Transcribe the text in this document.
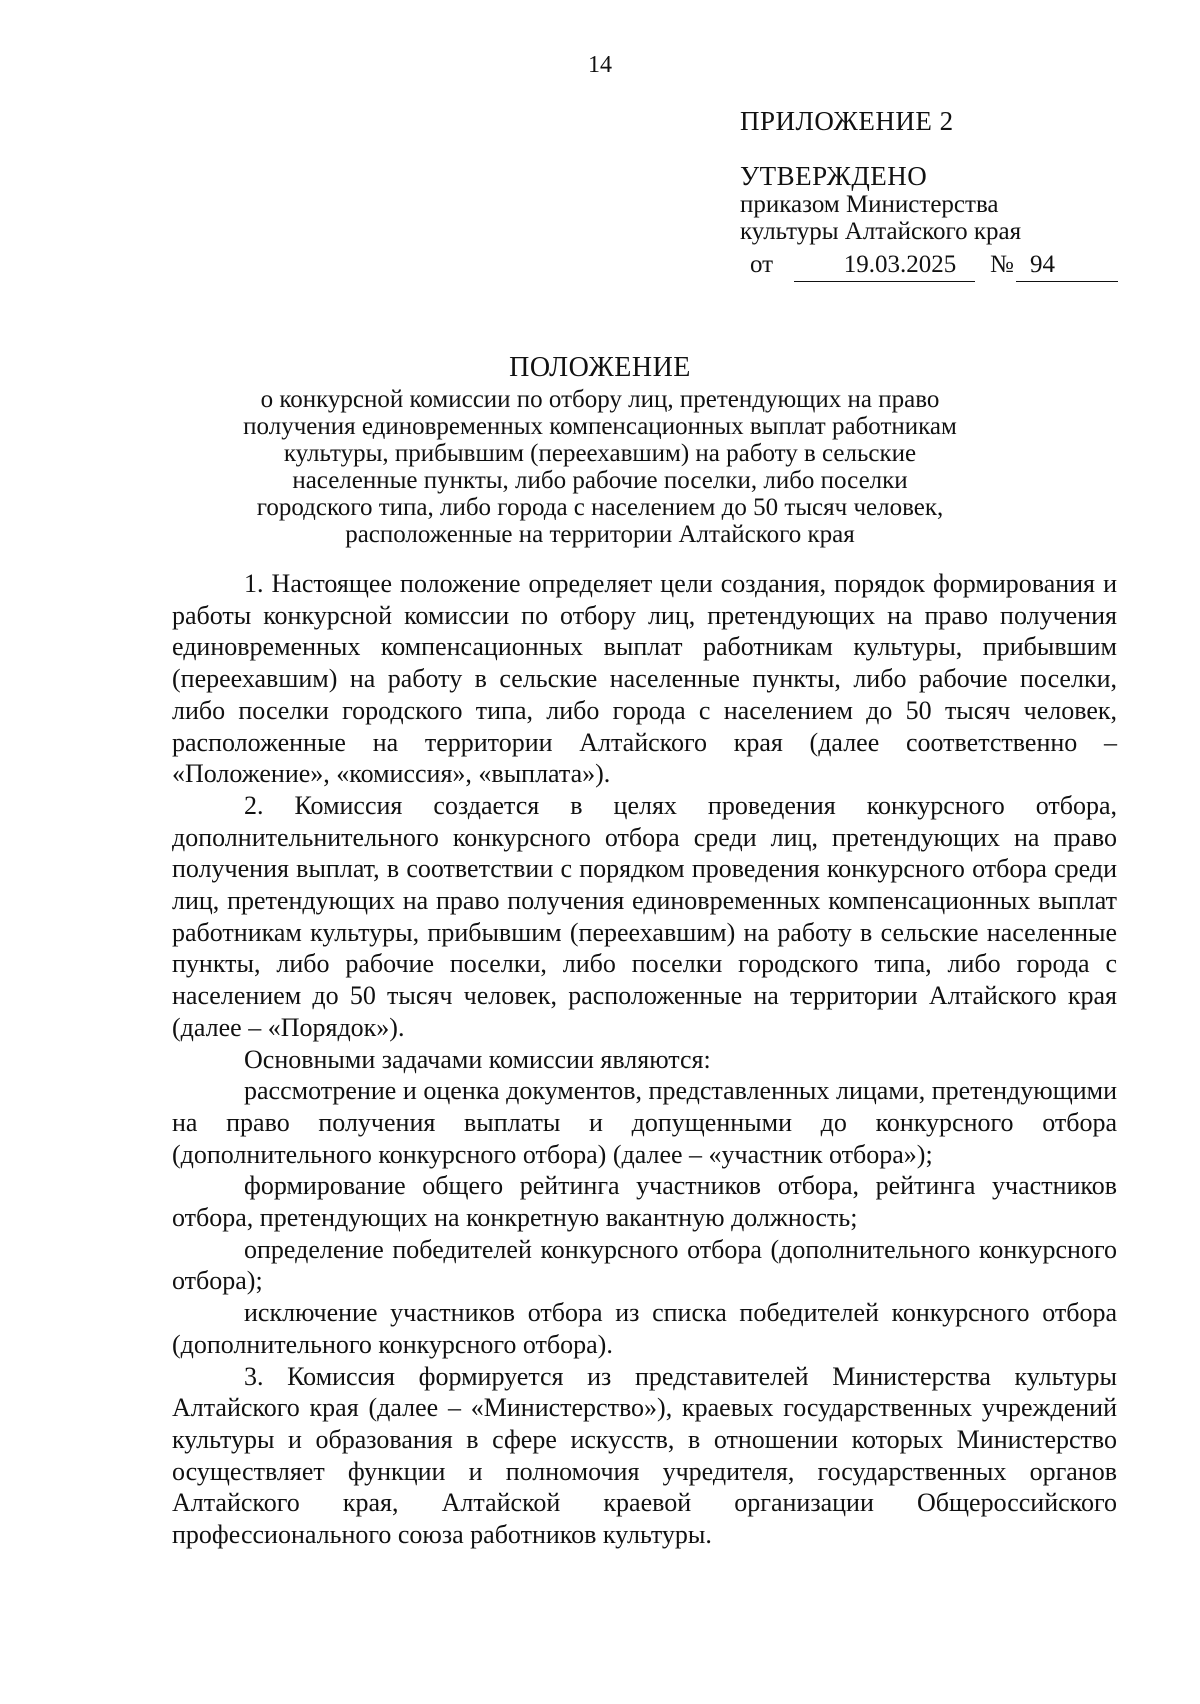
14
ПРИЛОЖЕНИЕ 2
УТВЕРЖДЕНО
приказом Министерства
культуры Алтайского края
от	19.03.2025	№ 94
ПОЛОЖЕНИЕ
о конкурсной комиссии по отбору лиц, претендующих на право
получения единовременных компенсационных выплат работникам
культуры, прибывшим (переехавшим) на работу в сельские
населенные пункты, либо рабочие поселки, либо поселки
городского типа, либо города с населением до 50 тысяч человек,
расположенные на территории Алтайского края

1. Настоящее положение определяет цели создания, порядок формирования и работы конкурсной комиссии по отбору лиц, претендующих на право получения единовременных компенсационных выплат работникам культуры, прибывшим (переехавшим) на работу в сельские населенные пункты, либо рабочие поселки, либо поселки городского типа, либо города с населением до 50 тысяч человек, расположенные на территории Алтайского края (далее соответственно – «Положение», «комиссия», «выплата»).

2. Комиссия создается в целях проведения конкурсного отбора, дополнительнительного конкурсного отбора среди лиц, претендующих на право получения выплат, в соответствии с порядком проведения конкурсного отбора среди лиц, претендующих на право получения единовременных компенсационных выплат работникам культуры, прибывшим (переехавшим) на работу в сельские населенные пункты, либо рабочие поселки, либо поселки городского типа, либо города с населением до 50 тысяч человек, расположенные на территории Алтайского края (далее – «Порядок»).

Основными задачами комиссии являются:

рассмотрение и оценка документов, представленных лицами, претендующими на право получения выплаты и допущенными до конкурсного отбора (дополнительного конкурсного отбора) (далее – «участник отбора»);

формирование общего рейтинга участников отбора, рейтинга участников отбора, претендующих на конкретную вакантную должность;

определение победителей конкурсного отбора (дополнительного конкурсного отбора);

исключение участников отбора из списка победителей конкурсного отбора (дополнительного конкурсного отбора).

3. Комиссия формируется из представителей Министерства культуры Алтайского края (далее – «Министерство»), краевых государственных учреждений культуры и образования в сфере искусств, в отношении которых Министерство осуществляет функции и полномочия учредителя, государственных органов Алтайского края, Алтайской краевой организации Общероссийского профессионального союза работников культуры.
